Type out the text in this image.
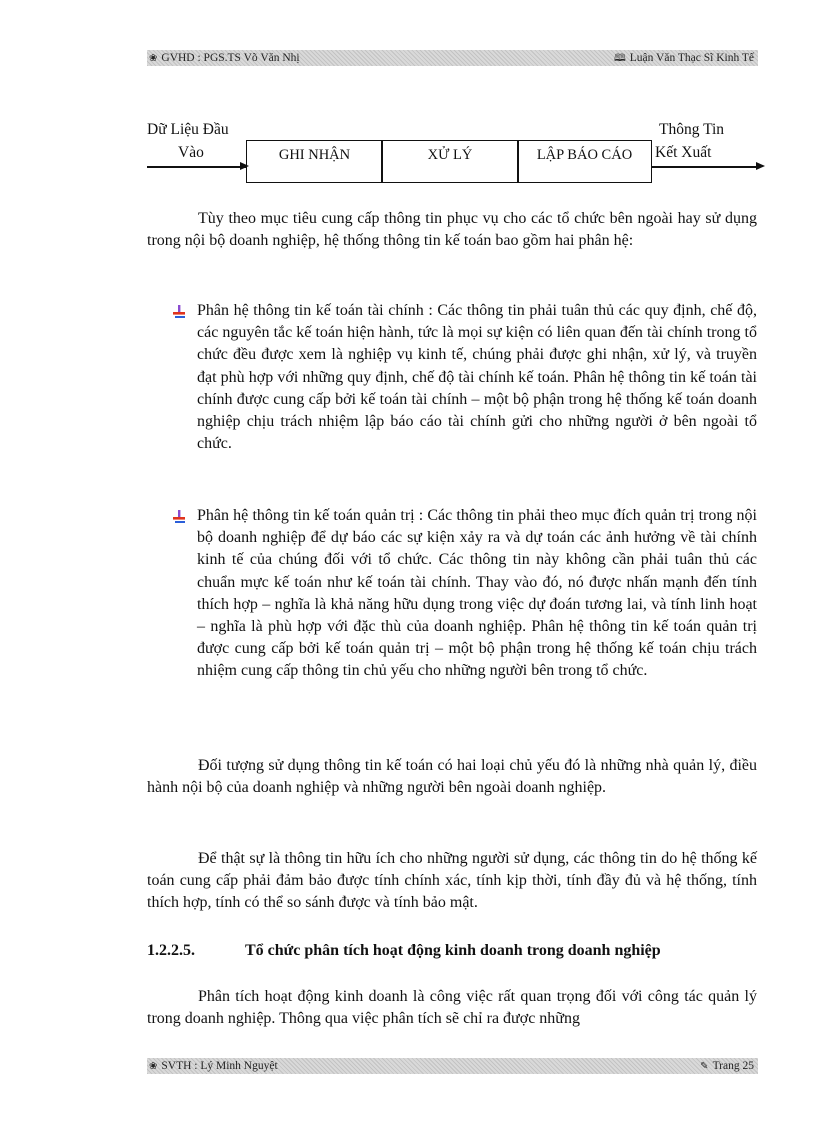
❀ GVHD : PGS.TS Võ Văn Nhị	🕮 Luận Văn Thạc Sĩ Kinh Tế
Dữ Liệu Đầu
Vào	GHI NHẬN	XỬ LÝ	LẬP BÁO CÁO
Thông Tin
Kết Xuất

Tùy theo mục tiêu cung cấp thông tin phục vụ cho các tổ chức bên ngoài hay sử dụng trong nội bộ doanh nghiệp, hệ thống thông tin kế toán bao gồm hai phân hệ:

Phân hệ thông tin kế toán tài chính : Các thông tin phải tuân thủ các quy định, chế độ, các nguyên tắc kế toán hiện hành, tức là mọi sự kiện có liên quan đến tài chính trong tổ chức đều được xem là nghiệp vụ kinh tế, chúng phải được ghi nhận, xử lý, và truyền đạt phù hợp với những quy định, chế độ tài chính kế toán. Phân hệ thông tin kế toán tài chính được cung cấp bởi kế toán tài chính – một bộ phận trong hệ thống kế toán doanh nghiệp chịu trách nhiệm lập báo cáo tài chính gửi cho những người ở bên ngoài tổ chức.

Phân hệ thông tin kế toán quản trị : Các thông tin phải theo mục đích quản trị trong nội bộ doanh nghiệp để dự báo các sự kiện xảy ra và dự toán các ảnh hưởng về tài chính kinh tế của chúng đối với tổ chức. Các thông tin này không cần phải tuân thủ các chuẩn mực kế toán như kế toán tài chính. Thay vào đó, nó được nhấn mạnh đến tính thích hợp – nghĩa là khả năng hữu dụng trong việc dự đoán tương lai, và tính linh hoạt – nghĩa là phù hợp với đặc thù của doanh nghiệp. Phân hệ thông tin kế toán quản trị được cung cấp bởi kế toán quản trị – một bộ phận trong hệ thống kế toán chịu trách nhiệm cung cấp thông tin chủ yếu cho những người bên trong tổ chức.

Đối tượng sử dụng thông tin kế toán có hai loại chủ yếu đó là những nhà quản lý, điều hành nội bộ của doanh nghiệp và những người bên ngoài doanh nghiệp.

Để thật sự là thông tin hữu ích cho những người sử dụng, các thông tin do hệ thống kế toán cung cấp phải đảm bảo được tính chính xác, tính kịp thời, tính đầy đủ và hệ thống, tính thích hợp, tính có thể so sánh được và tính bảo mật.

1.2.2.5.	Tổ chức phân tích hoạt động kinh doanh trong doanh nghiệp

Phân tích hoạt động kinh doanh là công việc rất quan trọng đối với công tác quản lý trong doanh nghiệp. Thông qua việc phân tích sẽ chỉ ra được những

❀ SVTH : Lý Minh Nguyệt	✎ Trang 25
